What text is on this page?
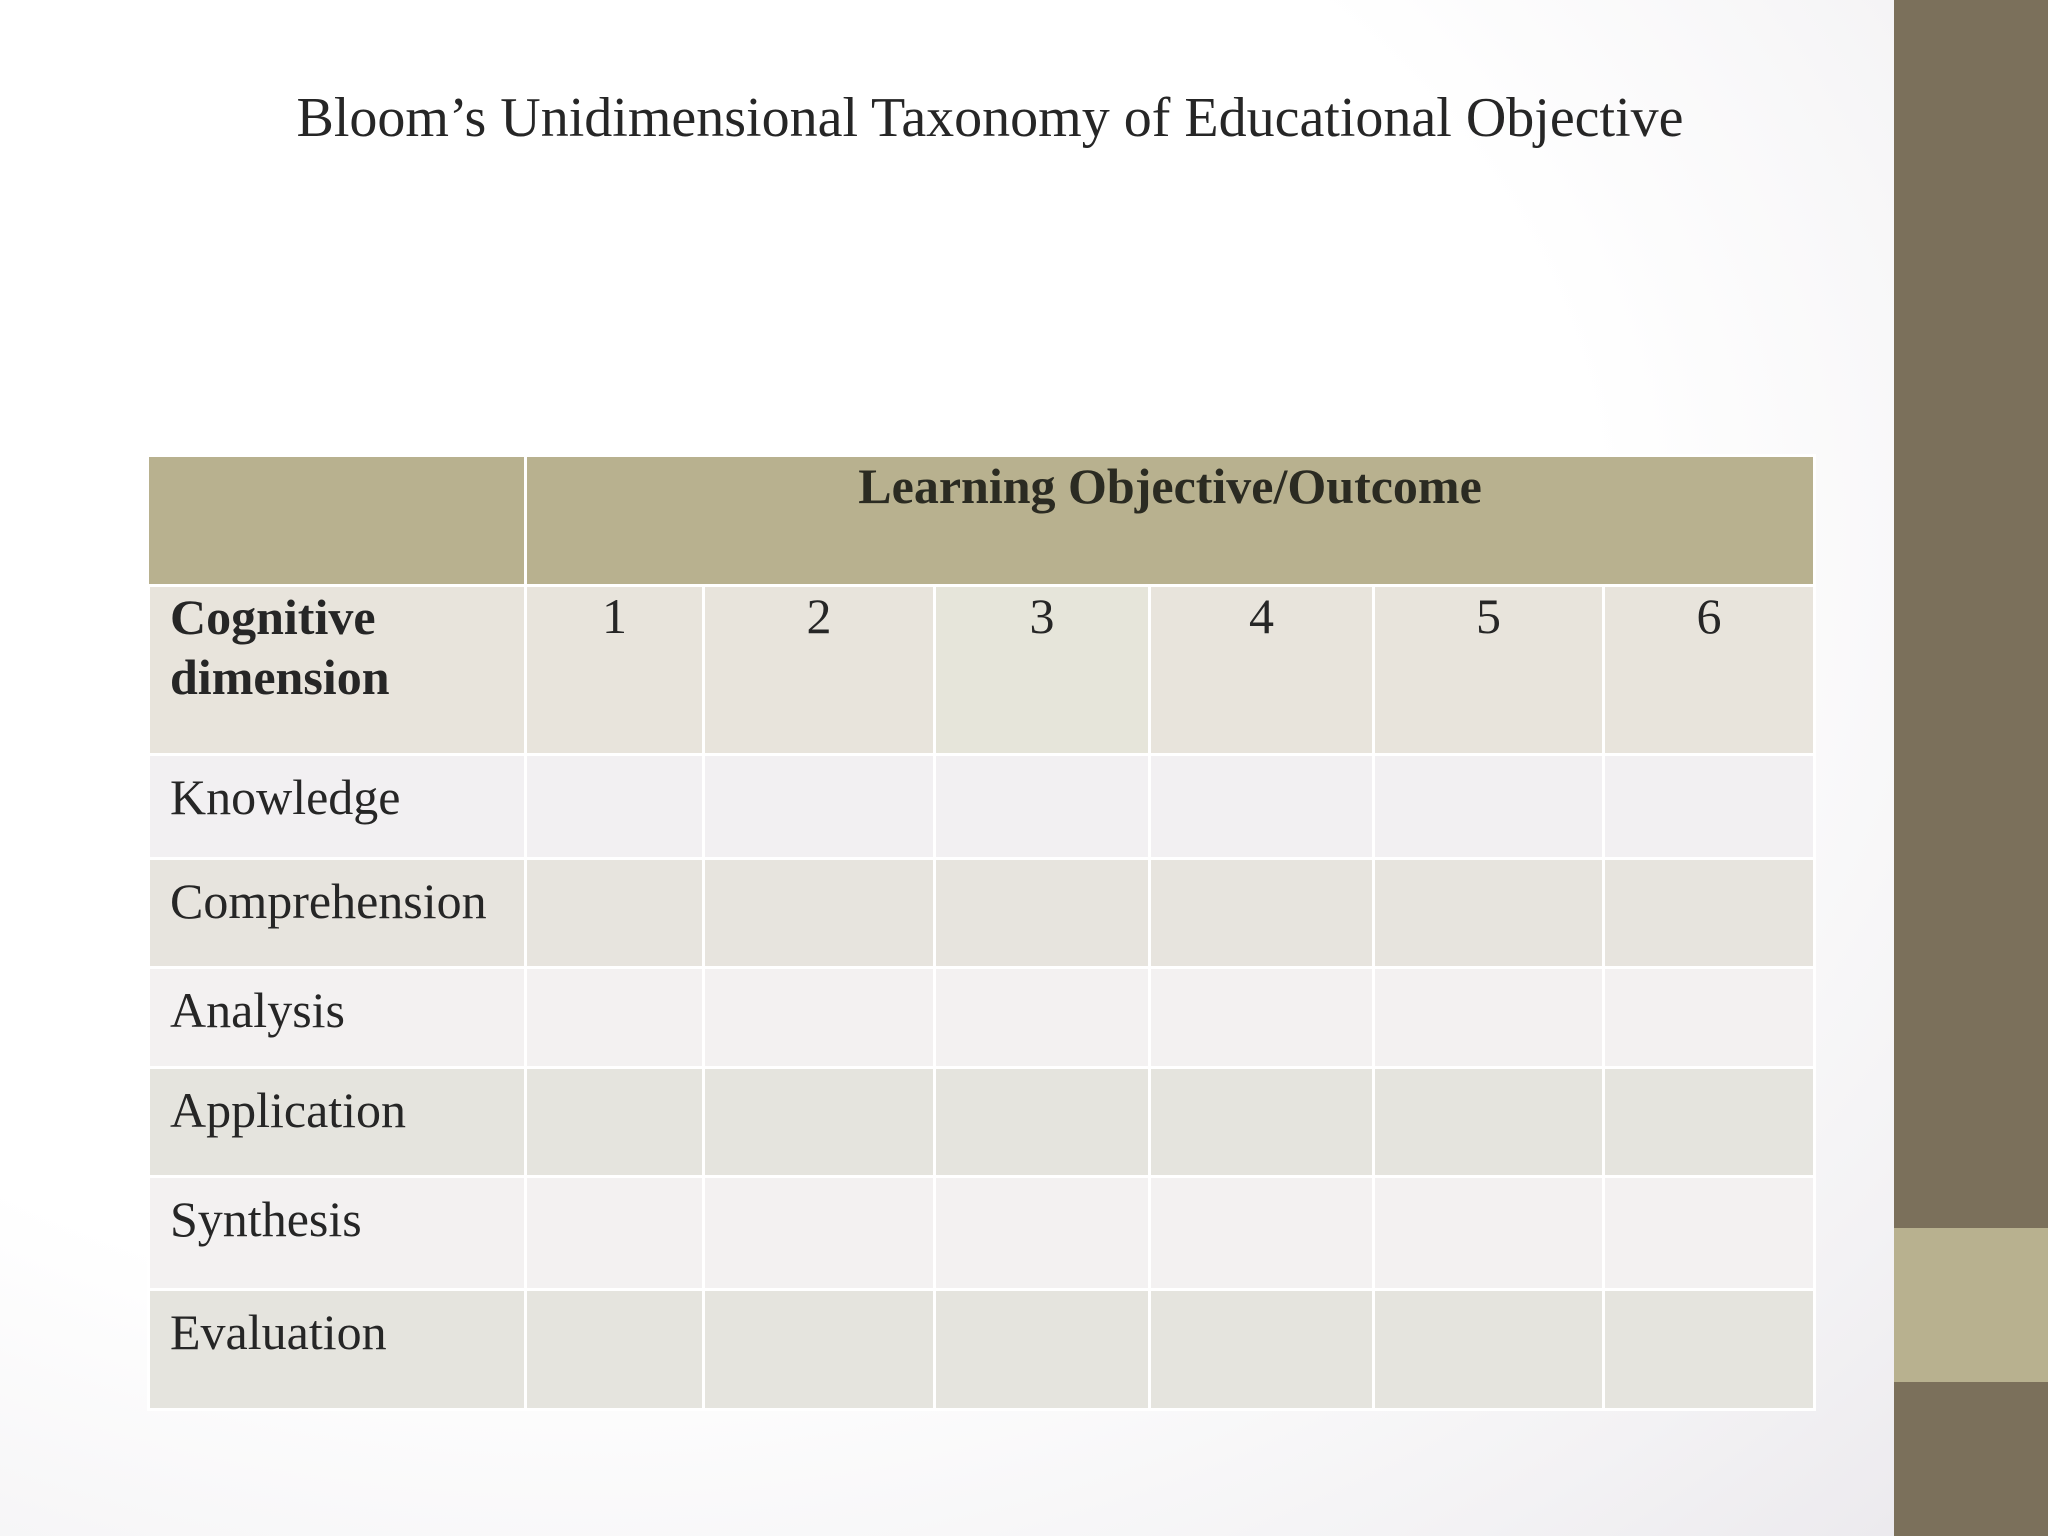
Bloom’s Unidimensional Taxonomy of Educational Objective
	Learning Objective/Outcome					
Cognitive dimension	1	2	3	4	5	6
Knowledge						
Comprehension						
Analysis						
Application						
Synthesis						
Evaluation						
